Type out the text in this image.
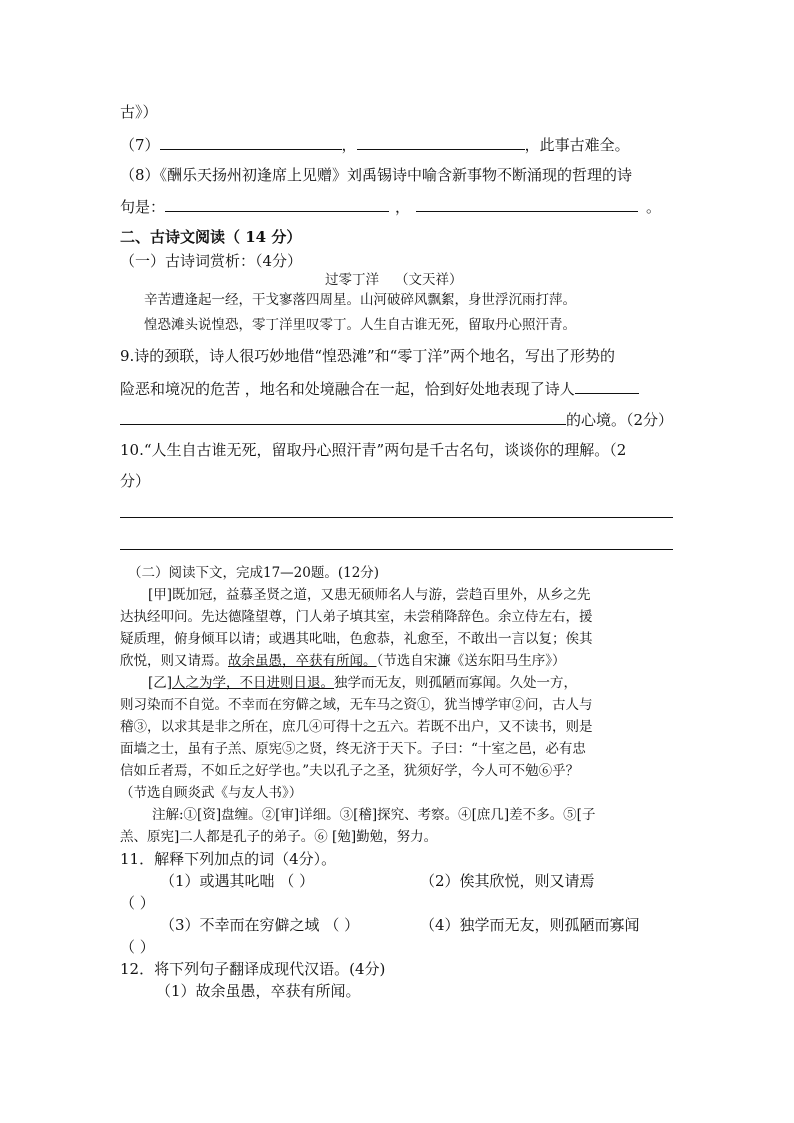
古》）
（7）	，	，此事古难全。
（8）《酬乐天扬州初逢席上见赠》刘禹锡诗中喻含新事物不断涌现的哲理的诗
句是：	，	。
二、古诗文阅读（ 14 分）
（一）古诗词赏析：（4分）
过零丁洋 （文天祥）
辛苦遭逢起一经，干戈寥落四周星。山河破碎风飘絮，身世浮沉雨打萍。
惶恐滩头说惶恐，零丁洋里叹零丁。人生自古谁无死，留取丹心照汗青。
9.诗的颈联，诗人很巧妙地借“惶恐滩”和“零丁洋”两个地名，写出了形势的
险恶和境况的危苦 ，地名和处境融合在一起，恰到好处地表现了诗人
的心境。（2分）
10.“人生自古谁无死，留取丹心照汗青”两句是千古名句，谈谈你的理解。（2
分）
（二）阅读下文，完成17—20题。(12分)
[甲]既加冠，益慕圣贤之道，又患无硕师名人与游，尝趋百里外，从乡之先
达执经叩问。先达德隆望尊，门人弟子填其室，未尝稍降辞色。余立侍左右，援
疑质理，俯身倾耳以请；或遇其叱咄，色愈恭，礼愈至，不敢出一言以复；俟其
欣悦，则又请焉。故余虽愚，卒获有所闻。（节选自宋濂《送东阳马生序》）
[乙]人之为学，不日进则日退。独学而无友，则孤陋而寡闻。久处一方，
则习染而不自觉。不幸而在穷僻之域，无车马之资①，犹当博学审②问，古人与
稽③，以求其是非之所在，庶几④可得十之五六。若既不出户，又不读书，则是
面墙之士，虽有子羔、原宪⑤之贤，终无济于天下。子曰：“十室之邑，必有忠
信如丘者焉，不如丘之好学也。”夫以孔子之圣，犹须好学，今人可不勉⑥乎？
（节选自顾炎武《与友人书》）
注解:①[资]盘缠。②[审]详细。③[稽]探究、考察。④[庶几]差不多。⑤[子
羔、原宪]二人都是孔子的弟子。⑥ [勉]勤勉，努力。
11．解释下列加点的词（4分）。
（1）或遇其叱咄 （ ）	（2）俟其欣悦，则又请焉
（ ）
（3）不幸而在穷僻之域 （ ）	（4）独学而无友，则孤陋而寡闻
（ ）
12．将下列句子翻译成现代汉语。(4分)
（1）故余虽愚，卒获有所闻。
